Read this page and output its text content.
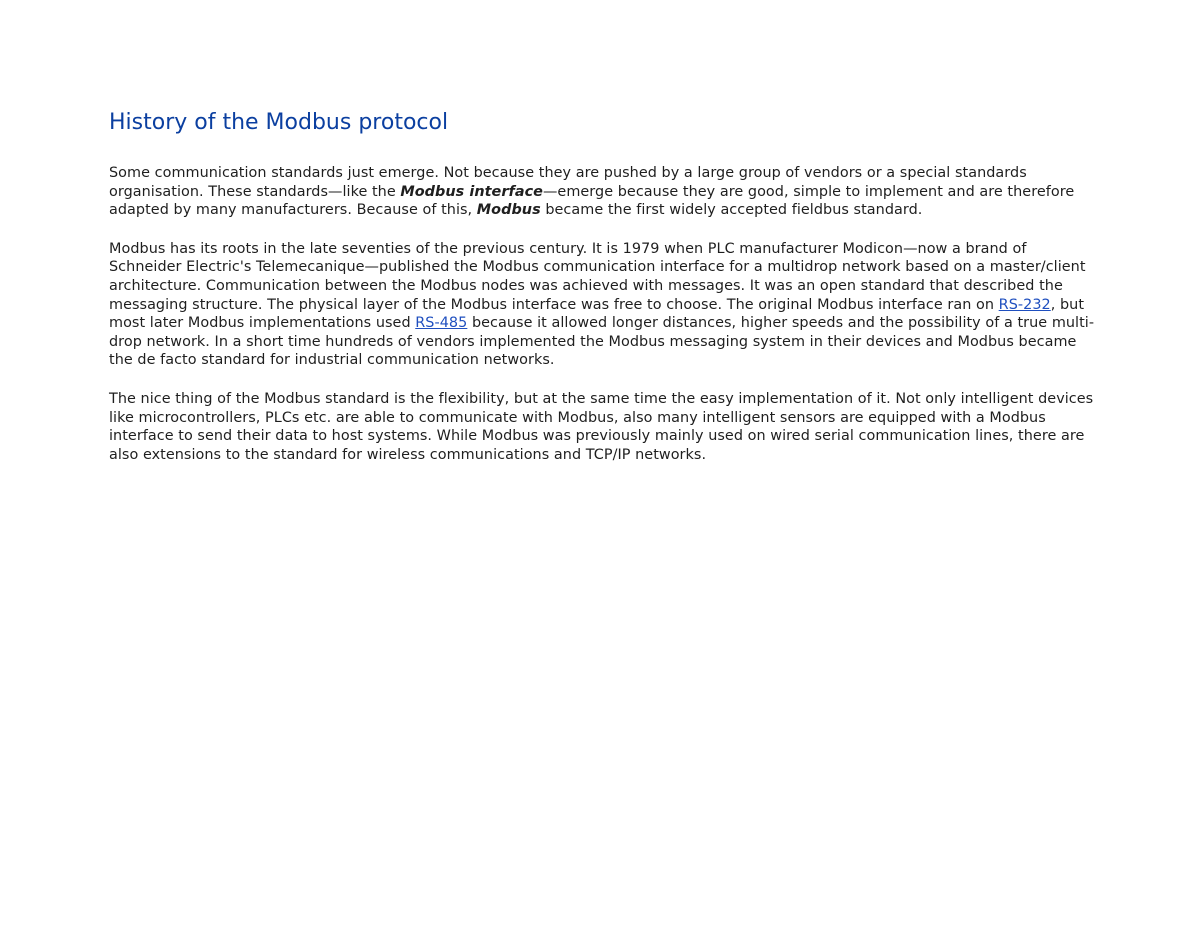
History of the Modbus protocol

Some communication standards just emerge. Not because they are pushed by a large group of vendors or a special standards organisation. These standards—like the Modbus interface—emerge because they are good, simple to implement and are therefore adapted by many manufacturers. Because of this, Modbus became the first widely accepted fieldbus standard.

Modbus has its roots in the late seventies of the previous century. It is 1979 when PLC manufacturer Modicon—now a brand of Schneider Electric's Telemecanique—published the Modbus communication interface for a multidrop network based on a master/client architecture. Communication between the Modbus nodes was achieved with messages. It was an open standard that described the messaging structure. The physical layer of the Modbus interface was free to choose. The original Modbus interface ran on RS-232, but most later Modbus implementations used RS-485 because it allowed longer distances, higher speeds and the possibility of a true multi-drop network. In a short time hundreds of vendors implemented the Modbus messaging system in their devices and Modbus became the de facto standard for industrial communication networks.

The nice thing of the Modbus standard is the flexibility, but at the same time the easy implementation of it. Not only intelligent devices like microcontrollers, PLCs etc. are able to communicate with Modbus, also many intelligent sensors are equipped with a Modbus interface to send their data to host systems. While Modbus was previously mainly used on wired serial communication lines, there are also extensions to the standard for wireless communications and TCP/IP networks.
